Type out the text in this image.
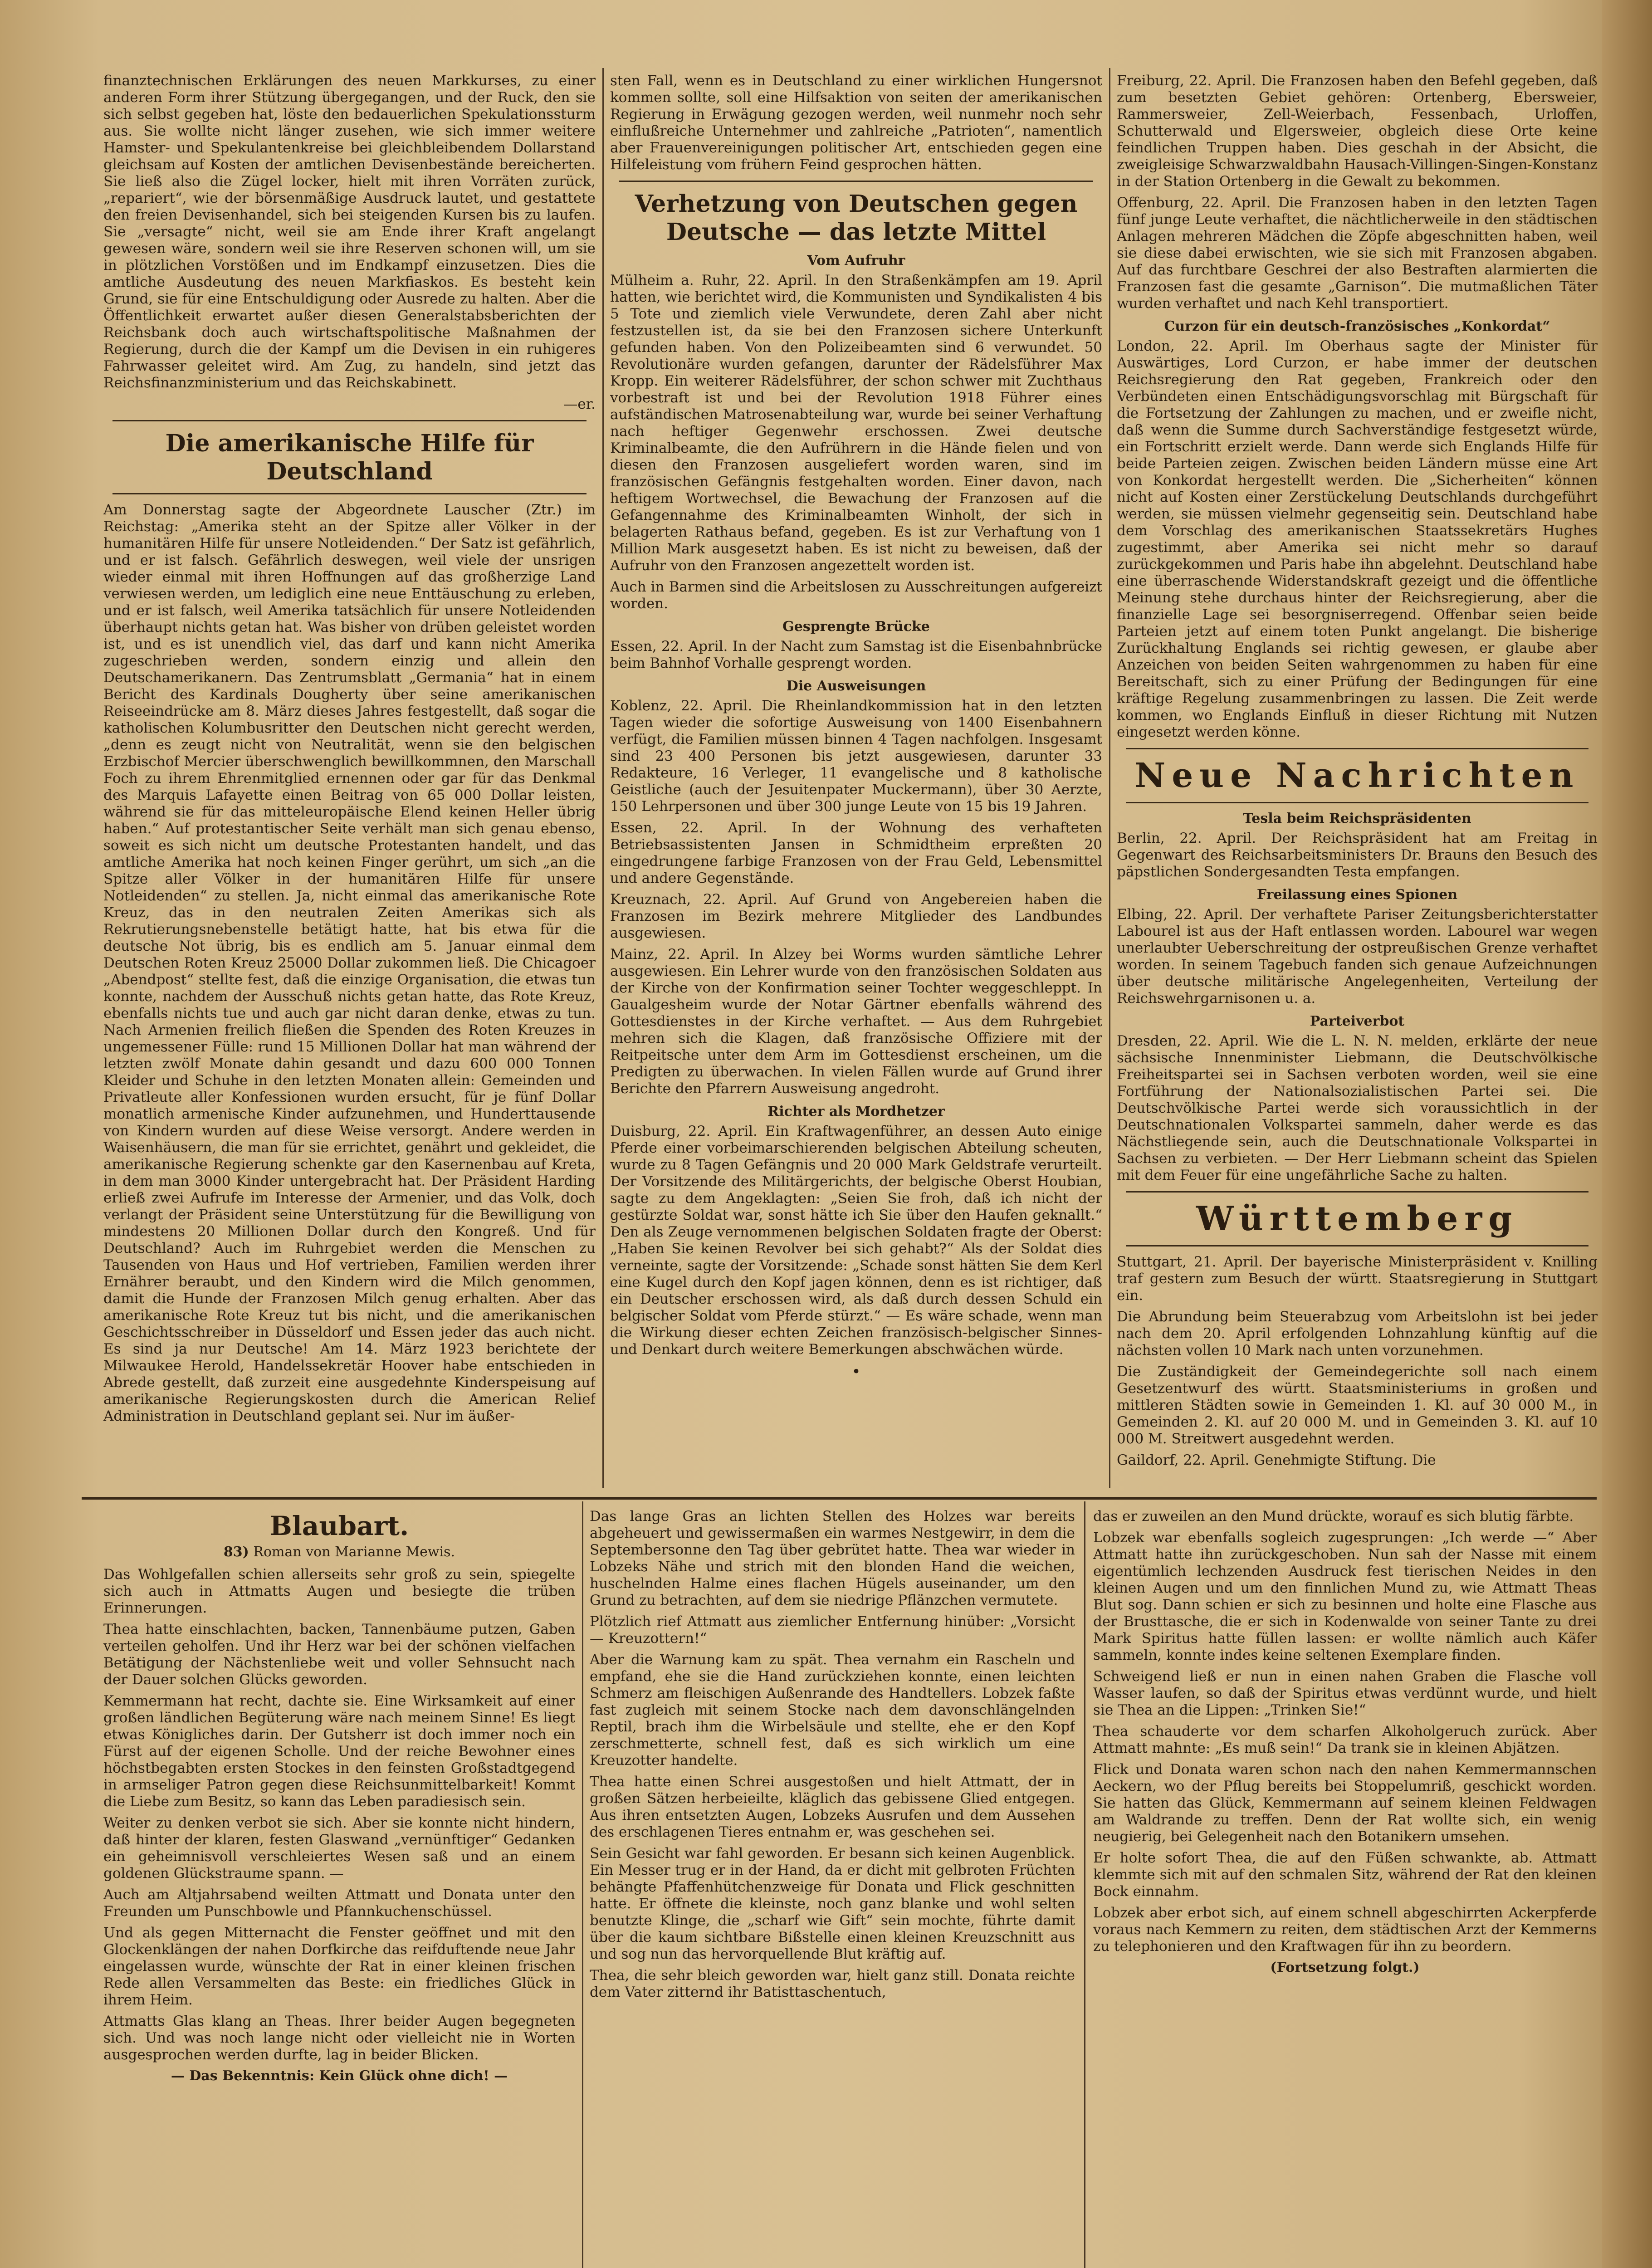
finanztechnischen Erklärungen des neuen Markkurses, zu einer anderen Form ihrer Stützung übergegangen, und der Ruck, den sie sich selbst gegeben hat, löste den bedauerlichen Spekulationssturm aus. Sie wollte nicht länger zusehen, wie sich immer weitere Hamster- und Spekulantenkreise bei gleichbleibendem Dollarstand gleichsam auf Kosten der amtlichen Devisenbestände bereicherten. Sie ließ also die Zügel locker, hielt mit ihren Vorräten zurück, „repariert“, wie der börsenmäßige Ausdruck lautet, und gestattete den freien Devisenhandel, sich bei steigenden Kursen bis zu laufen. Sie „versagte“ nicht, weil sie am Ende ihrer Kraft angelangt gewesen wäre, sondern weil sie ihre Reserven schonen will, um sie in plötzlichen Vorstößen und im Endkampf einzusetzen. Dies die amtliche Ausdeutung des neuen Markfiaskos. Es besteht kein Grund, sie für eine Entschuldigung oder Ausrede zu halten. Aber die Öffentlichkeit erwartet außer diesen Generalstabsberichten der Reichsbank doch auch wirtschaftspolitische Maßnahmen der Regierung, durch die der Kampf um die Devisen in ein ruhigeres Fahrwasser geleitet wird. Am Zug, zu handeln, sind jetzt das Reichsfinanzministerium und das Reichskabinett.

—er.

Die amerikanische Hilfe für Deutschland

Am Donnerstag sagte der Abgeordnete Lauscher (Ztr.) im Reichstag: „Amerika steht an der Spitze aller Völker in der humanitären Hilfe für unsere Notleidenden.“ Der Satz ist gefährlich, und er ist falsch. Gefährlich deswegen, weil viele der unsrigen wieder einmal mit ihren Hoffnungen auf das großherzige Land verwiesen werden, um lediglich eine neue Enttäuschung zu erleben, und er ist falsch, weil Amerika tatsächlich für unsere Notleidenden überhaupt nichts getan hat. Was bisher von drüben geleistet worden ist, und es ist unendlich viel, das darf und kann nicht Amerika zugeschrieben werden, sondern einzig und allein den Deutschamerikanern. Das Zentrumsblatt „Germania“ hat in einem Bericht des Kardinals Dougherty über seine amerikanischen Reiseeindrücke am 8. März dieses Jahres festgestellt, daß sogar die katholischen Kolumbusritter den Deutschen nicht gerecht werden, „denn es zeugt nicht von Neutralität, wenn sie den belgischen Erzbischof Mercier überschwenglich bewillkommnen, den Marschall Foch zu ihrem Ehrenmitglied ernennen oder gar für das Denkmal des Marquis Lafayette einen Beitrag von 65 000 Dollar leisten, während sie für das mitteleuropäische Elend keinen Heller übrig haben.“ Auf protestantischer Seite verhält man sich genau ebenso, soweit es sich nicht um deutsche Protestanten handelt, und das amtliche Amerika hat noch keinen Finger gerührt, um sich „an die Spitze aller Völker in der humanitären Hilfe für unsere Notleidenden“ zu stellen. Ja, nicht einmal das amerikanische Rote Kreuz, das in den neutralen Zeiten Amerikas sich als Rekrutierungsnebenstelle betätigt hatte, hat bis etwa für die deutsche Not übrig, bis es endlich am 5. Januar einmal dem Deutschen Roten Kreuz 25000 Dollar zukommen ließ. Die Chicagoer „Abendpost“ stellte fest, daß die einzige Organisation, die etwas tun konnte, nachdem der Ausschuß nichts getan hatte, das Rote Kreuz, ebenfalls nichts tue und auch gar nicht daran denke, etwas zu tun. Nach Armenien freilich fließen die Spenden des Roten Kreuzes in ungemessener Fülle: rund 15 Millionen Dollar hat man während der letzten zwölf Monate dahin gesandt und dazu 600 000 Tonnen Kleider und Schuhe in den letzten Monaten allein: Gemeinden und Privatleute aller Konfessionen wurden ersucht, für je fünf Dollar monatlich armenische Kinder aufzunehmen, und Hunderttausende von Kindern wurden auf diese Weise versorgt. Andere werden in Waisenhäusern, die man für sie errichtet, genährt und gekleidet, die amerikanische Regierung schenkte gar den Kasernenbau auf Kreta, in dem man 3000 Kinder untergebracht hat. Der Präsident Harding erließ zwei Aufrufe im Interesse der Armenier, und das Volk, doch verlangt der Präsident seine Unterstützung für die Bewilligung von mindestens 20 Millionen Dollar durch den Kongreß. Und für Deutschland? Auch im Ruhrgebiet werden die Menschen zu Tausenden von Haus und Hof vertrieben, Familien werden ihrer Ernährer beraubt, und den Kindern wird die Milch genommen, damit die Hunde der Franzosen Milch genug erhalten. Aber das amerikanische Rote Kreuz tut bis nicht, und die amerikanischen Geschichtsschreiber in Düsseldorf und Essen jeder das auch nicht. Es sind ja nur Deutsche! Am 14. März 1923 berichtete der Milwaukee Herold, Handelssekretär Hoover habe entschieden in Abrede gestellt, daß zurzeit eine ausgedehnte Kinderspeisung auf amerikanische Regierungskosten durch die American Relief Administration in Deutschland geplant sei. Nur im äußer-

sten Fall, wenn es in Deutschland zu einer wirklichen Hungersnot kommen sollte, soll eine Hilfsaktion von seiten der amerikanischen Regierung in Erwägung gezogen werden, weil nunmehr noch sehr einflußreiche Unternehmer und zahlreiche „Patrioten“, namentlich aber Frauenvereinigungen politischer Art, entschieden gegen eine Hilfeleistung vom frühern Feind gesprochen hätten.

Verhetzung von Deutschen gegen Deutsche — das letzte Mittel
Vom Aufruhr

Mülheim a. Ruhr, 22. April. In den Straßenkämpfen am 19. April hatten, wie berichtet wird, die Kommunisten und Syndikalisten 4 bis 5 Tote und ziemlich viele Verwundete, deren Zahl aber nicht festzustellen ist, da sie bei den Franzosen sichere Unterkunft gefunden haben. Von den Polizeibeamten sind 6 verwundet. 50 Revolutionäre wurden gefangen, darunter der Rädelsführer Max Kropp. Ein weiterer Rädelsführer, der schon schwer mit Zuchthaus vorbestraft ist und bei der Revolution 1918 Führer eines aufständischen Matrosenabteilung war, wurde bei seiner Verhaftung nach heftiger Gegenwehr erschossen. Zwei deutsche Kriminalbeamte, die den Aufrührern in die Hände fielen und von diesen den Franzosen ausgeliefert worden waren, sind im französischen Gefängnis festgehalten worden. Einer davon, nach heftigem Wortwechsel, die Bewachung der Franzosen auf die Gefangennahme des Kriminalbeamten Winholt, der sich in belagerten Rathaus befand, gegeben. Es ist zur Verhaftung von 1 Million Mark ausgesetzt haben. Es ist nicht zu beweisen, daß der Aufruhr von den Franzosen angezettelt worden ist.

Auch in Barmen sind die Arbeitslosen zu Ausschreitungen aufgereizt worden.

Gesprengte Brücke

Essen, 22. April. In der Nacht zum Samstag ist die Eisenbahnbrücke beim Bahnhof Vorhalle gesprengt worden.

Die Ausweisungen

Koblenz, 22. April. Die Rheinlandkommission hat in den letzten Tagen wieder die sofortige Ausweisung von 1400 Eisenbahnern verfügt, die Familien müssen binnen 4 Tagen nachfolgen. Insgesamt sind 23 400 Personen bis jetzt ausgewiesen, darunter 33 Redakteure, 16 Verleger, 11 evangelische und 8 katholische Geistliche (auch der Jesuitenpater Muckermann), über 30 Aerzte, 150 Lehrpersonen und über 300 junge Leute von 15 bis 19 Jahren.

Essen, 22. April. In der Wohnung des verhafteten Betriebsassistenten Jansen in Schmidtheim erpreßten 20 eingedrungene farbige Franzosen von der Frau Geld, Lebensmittel und andere Gegenstände.

Kreuznach, 22. April. Auf Grund von Angebereien haben die Franzosen im Bezirk mehrere Mitglieder des Landbundes ausgewiesen.

Mainz, 22. April. In Alzey bei Worms wurden sämtliche Lehrer ausgewiesen. Ein Lehrer wurde von den französischen Soldaten aus der Kirche von der Konfirmation seiner Tochter weggeschleppt. In Gaualgesheim wurde der Notar Gärtner ebenfalls während des Gottesdienstes in der Kirche verhaftet. — Aus dem Ruhrgebiet mehren sich die Klagen, daß französische Offiziere mit der Reitpeitsche unter dem Arm im Gottesdienst erscheinen, um die Predigten zu überwachen. In vielen Fällen wurde auf Grund ihrer Berichte den Pfarrern Ausweisung angedroht.

Richter als Mordhetzer

Duisburg, 22. April. Ein Kraftwagenführer, an dessen Auto einige Pferde einer vorbeimarschierenden belgischen Abteilung scheuten, wurde zu 8 Tagen Gefängnis und 20 000 Mark Geldstrafe verurteilt. Der Vorsitzende des Militärgerichts, der belgische Oberst Houbian, sagte zu dem Angeklagten: „Seien Sie froh, daß ich nicht der gestürzte Soldat war, sonst hätte ich Sie über den Haufen geknallt.“ Den als Zeuge vernommenen belgischen Soldaten fragte der Oberst: „Haben Sie keinen Revolver bei sich gehabt?“ Als der Soldat dies verneinte, sagte der Vorsitzende: „Schade sonst hätten Sie dem Kerl eine Kugel durch den Kopf jagen können, denn es ist richtiger, daß ein Deutscher erschossen wird, als daß durch dessen Schuld ein belgischer Soldat vom Pferde stürzt.“ — Es wäre schade, wenn man die Wirkung dieser echten Zeichen französisch-belgischer Sinnes- und Denkart durch weitere Bemerkungen abschwächen würde.

•

Freiburg, 22. April. Die Franzosen haben den Befehl gegeben, daß zum besetzten Gebiet gehören: Ortenberg, Ebersweier, Rammersweier, Zell-Weierbach, Fessenbach, Urloffen, Schutterwald und Elgersweier, obgleich diese Orte keine feindlichen Truppen haben. Dies geschah in der Absicht, die zweigleisige Schwarzwaldbahn Hausach-Villingen-Singen-Konstanz in der Station Ortenberg in die Gewalt zu bekommen.

Offenburg, 22. April. Die Franzosen haben in den letzten Tagen fünf junge Leute verhaftet, die nächtlicherweile in den städtischen Anlagen mehreren Mädchen die Zöpfe abgeschnitten haben, weil sie diese dabei erwischten, wie sie sich mit Franzosen abgaben. Auf das furchtbare Geschrei der also Bestraften alarmierten die Franzosen fast die gesamte „Garnison“. Die mutmaßlichen Täter wurden verhaftet und nach Kehl transportiert.

Curzon für ein deutsch-französisches „Konkordat“

London, 22. April. Im Oberhaus sagte der Minister für Auswärtiges, Lord Curzon, er habe immer der deutschen Reichsregierung den Rat gegeben, Frankreich oder den Verbündeten einen Entschädigungsvorschlag mit Bürgschaft für die Fortsetzung der Zahlungen zu machen, und er zweifle nicht, daß wenn die Summe durch Sachverständige festgesetzt würde, ein Fortschritt erzielt werde. Dann werde sich Englands Hilfe für beide Parteien zeigen. Zwischen beiden Ländern müsse eine Art von Konkordat hergestellt werden. Die „Sicherheiten“ können nicht auf Kosten einer Zerstückelung Deutschlands durchgeführt werden, sie müssen vielmehr gegenseitig sein. Deutschland habe dem Vorschlag des amerikanischen Staatssekretärs Hughes zugestimmt, aber Amerika sei nicht mehr so darauf zurückgekommen und Paris habe ihn abgelehnt. Deutschland habe eine überraschende Widerstandskraft gezeigt und die öffentliche Meinung stehe durchaus hinter der Reichsregierung, aber die finanzielle Lage sei besorgniserregend. Offenbar seien beide Parteien jetzt auf einem toten Punkt angelangt. Die bisherige Zurückhaltung Englands sei richtig gewesen, er glaube aber Anzeichen von beiden Seiten wahrgenommen zu haben für eine Bereitschaft, sich zu einer Prüfung der Bedingungen für eine kräftige Regelung zusammenbringen zu lassen. Die Zeit werde kommen, wo Englands Einfluß in dieser Richtung mit Nutzen eingesetzt werden könne.

Neue Nachrichten
Tesla beim Reichspräsidenten

Berlin, 22. April. Der Reichspräsident hat am Freitag in Gegenwart des Reichsarbeitsministers Dr. Brauns den Besuch des päpstlichen Sondergesandten Testa empfangen.

Freilassung eines Spionen

Elbing, 22. April. Der verhaftete Pariser Zeitungsberichterstatter Labourel ist aus der Haft entlassen worden. Labourel war wegen unerlaubter Ueberschreitung der ostpreußischen Grenze verhaftet worden. In seinem Tagebuch fanden sich genaue Aufzeichnungen über deutsche militärische Angelegenheiten, Verteilung der Reichswehrgarnisonen u. a.

Parteiverbot

Dresden, 22. April. Wie die L. N. N. melden, erklärte der neue sächsische Innenminister Liebmann, die Deutschvölkische Freiheitspartei sei in Sachsen verboten worden, weil sie eine Fortführung der Nationalsozialistischen Partei sei. Die Deutschvölkische Partei werde sich voraussichtlich in der Deutschnationalen Volkspartei sammeln, daher werde es das Nächstliegende sein, auch die Deutschnationale Volkspartei in Sachsen zu verbieten. — Der Herr Liebmann scheint das Spielen mit dem Feuer für eine ungefährliche Sache zu halten.

Württemberg

Stuttgart, 21. April. Der bayerische Ministerpräsident v. Knilling traf gestern zum Besuch der württ. Staatsregierung in Stuttgart ein.

Die Abrundung beim Steuerabzug vom Arbeitslohn ist bei jeder nach dem 20. April erfolgenden Lohnzahlung künftig auf die nächsten vollen 10 Mark nach unten vorzunehmen.

Die Zuständigkeit der Gemeindegerichte soll nach einem Gesetzentwurf des württ. Staatsministeriums in großen und mittleren Städten sowie in Gemeinden 1. Kl. auf 30 000 M., in Gemeinden 2. Kl. auf 20 000 M. und in Gemeinden 3. Kl. auf 10 000 M. Streitwert ausgedehnt werden.

Gaildorf, 22. April. Genehmigte Stiftung. Die

Blaubart.
83) Roman von Marianne Mewis.

Das Wohlgefallen schien allerseits sehr groß zu sein, spiegelte sich auch in Attmatts Augen und besiegte die trüben Erinnerungen.

Thea hatte einschlachten, backen, Tannenbäume putzen, Gaben verteilen geholfen. Und ihr Herz war bei der schönen vielfachen Betätigung der Nächstenliebe weit und voller Sehnsucht nach der Dauer solchen Glücks geworden.

Kemmermann hat recht, dachte sie. Eine Wirksamkeit auf einer großen ländlichen Begüterung wäre nach meinem Sinne! Es liegt etwas Königliches darin. Der Gutsherr ist doch immer noch ein Fürst auf der eigenen Scholle. Und der reiche Bewohner eines höchstbegabten ersten Stockes in den feinsten Großstadtgegend in armseliger Patron gegen diese Reichsunmittelbarkeit! Kommt die Liebe zum Besitz, so kann das Leben paradiesisch sein.

Weiter zu denken verbot sie sich. Aber sie konnte nicht hindern, daß hinter der klaren, festen Glaswand „vernünftiger“ Gedanken ein geheimnisvoll verschleiertes Wesen saß und an einem goldenen Glückstraume spann. —

Auch am Altjahrsabend weilten Attmatt und Donata unter den Freunden um Punschbowle und Pfannkuchenschüssel.

Und als gegen Mitternacht die Fenster geöffnet und mit den Glockenklängen der nahen Dorfkirche das reifduftende neue Jahr eingelassen wurde, wünschte der Rat in einer kleinen frischen Rede allen Versammelten das Beste: ein friedliches Glück in ihrem Heim.

Attmatts Glas klang an Theas. Ihrer beider Augen begegneten sich. Und was noch lange nicht oder vielleicht nie in Worten ausgesprochen werden durfte, lag in beider Blicken.

— Das Bekenntnis: Kein Glück ohne dich! —

Das lange Gras an lichten Stellen des Holzes war bereits abgeheuert und gewissermaßen ein warmes Nestgewirr, in dem die Septembersonne den Tag über gebrütet hatte. Thea war wieder in Lobzeks Nähe und strich mit den blonden Hand die weichen, huschelnden Halme eines flachen Hügels auseinander, um den Grund zu betrachten, auf dem sie niedrige Pflänzchen vermutete.

Plötzlich rief Attmatt aus ziemlicher Entfernung hinüber: „Vorsicht — Kreuzottern!“

Aber die Warnung kam zu spät. Thea vernahm ein Rascheln und empfand, ehe sie die Hand zurückziehen konnte, einen leichten Schmerz am fleischigen Außenrande des Handtellers. Lobzek faßte fast zugleich mit seinem Stocke nach dem davonschlängelnden Reptil, brach ihm die Wirbelsäule und stellte, ehe er den Kopf zerschmetterte, schnell fest, daß es sich wirklich um eine Kreuzotter handelte.

Thea hatte einen Schrei ausgestoßen und hielt Attmatt, der in großen Sätzen herbeieilte, kläglich das gebissene Glied entgegen. Aus ihren entsetzten Augen, Lobzeks Ausrufen und dem Aussehen des erschlagenen Tieres entnahm er, was geschehen sei.

Sein Gesicht war fahl geworden. Er besann sich keinen Augenblick. Ein Messer trug er in der Hand, da er dicht mit gelbroten Früchten behängte Pfaffenhütchenzweige für Donata und Flick geschnitten hatte. Er öffnete die kleinste, noch ganz blanke und wohl selten benutzte Klinge, die „scharf wie Gift“ sein mochte, führte damit über die kaum sichtbare Bißstelle einen kleinen Kreuzschnitt aus und sog nun das hervorquellende Blut kräftig auf.

Thea, die sehr bleich geworden war, hielt ganz still. Donata reichte dem Vater zitternd ihr Batisttaschentuch,

das er zuweilen an den Mund drückte, worauf es sich blutig färbte.

Lobzek war ebenfalls sogleich zugesprungen: „Ich werde —“ Aber Attmatt hatte ihn zurückgeschoben. Nun sah der Nasse mit einem eigentümlich lechzenden Ausdruck fest tierischen Neides in den kleinen Augen und um den finnlichen Mund zu, wie Attmatt Theas Blut sog. Dann schien er sich zu besinnen und holte eine Flasche aus der Brusttasche, die er sich in Kodenwalde von seiner Tante zu drei Mark Spiritus hatte füllen lassen: er wollte nämlich auch Käfer sammeln, konnte indes keine seltenen Exemplare finden.

Schweigend ließ er nun in einen nahen Graben die Flasche voll Wasser laufen, so daß der Spiritus etwas verdünnt wurde, und hielt sie Thea an die Lippen: „Trinken Sie!“

Thea schauderte vor dem scharfen Alkoholgeruch zurück. Aber Attmatt mahnte: „Es muß sein!“ Da trank sie in kleinen Abjätzen.

Flick und Donata waren schon nach den nahen Kemmermannschen Aeckern, wo der Pflug bereits bei Stoppelumriß, geschickt worden. Sie hatten das Glück, Kemmermann auf seinem kleinen Feldwagen am Waldrande zu treffen. Denn der Rat wollte sich, ein wenig neugierig, bei Gelegenheit nach den Botanikern umsehen.

Er holte sofort Thea, die auf den Füßen schwankte, ab. Attmatt klemmte sich mit auf den schmalen Sitz, während der Rat den kleinen Bock einnahm.

Lobzek aber erbot sich, auf einem schnell abgeschirrten Ackerpferde voraus nach Kemmern zu reiten, dem städtischen Arzt der Kemmerns zu telephonieren und den Kraftwagen für ihn zu beordern.

(Fortsetzung folgt.)
